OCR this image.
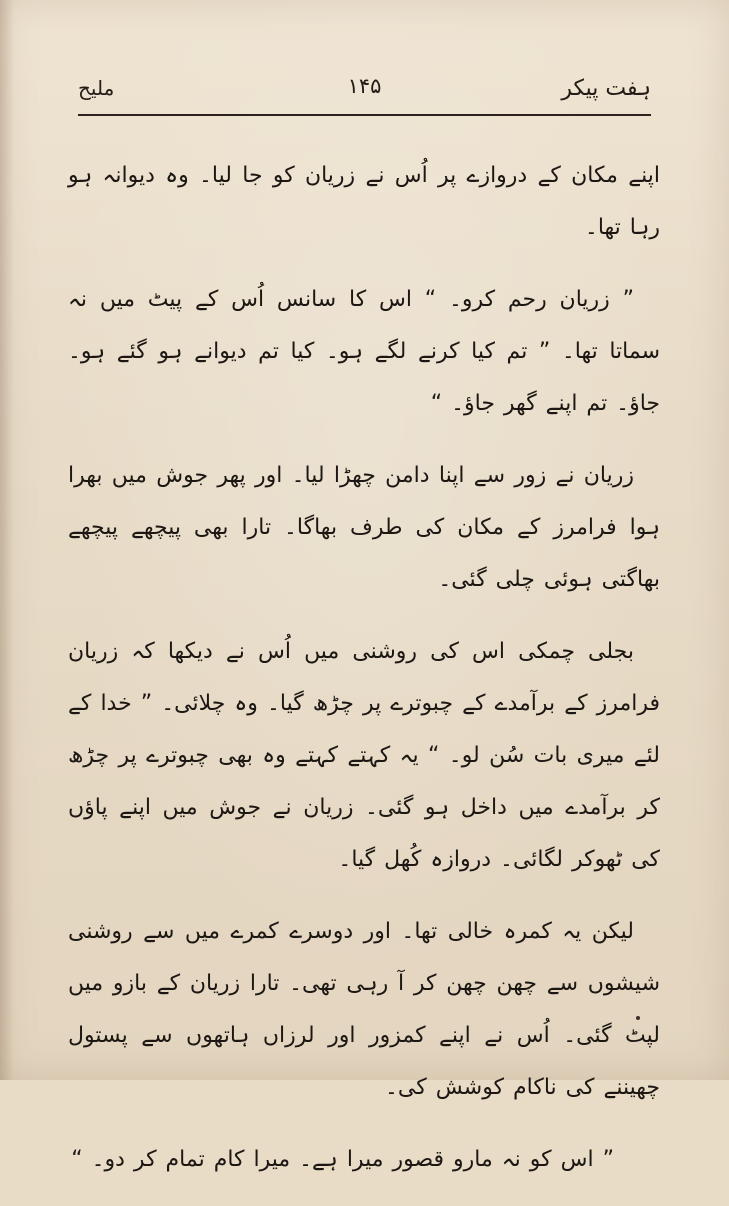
ہفت پیکر
۱۴۵
ملیح

اپنے مکان کے دروازے پر اُس نے زریان کو جا لیا۔ وہ دیوانہ ہو رہا تھا۔

” زریان رحم کرو۔ “ اس کا سانس اُس کے پیٹ میں نہ سماتا تھا۔ ” تم کیا کرنے لگے ہو۔ کیا تم دیوانے ہو گئے ہو۔ جاؤ۔ تم اپنے گھر جاؤ۔ “

زریان نے زور سے اپنا دامن چھڑا لیا۔ اور پھر جوش میں بھرا ہوا فرامرز کے مکان کی طرف بھاگا۔ تارا بھی پیچھے پیچھے بھاگتی ہوئی چلی گئی۔

بجلی چمکی اس کی روشنی میں اُس نے دیکھا کہ زریان فرامرز کے برآمدے کے چبوترے پر چڑھ گیا۔ وہ چلائی۔ ” خدا کے لئے میری بات سُن لو۔ “ یہ کہتے کہتے وہ بھی چبوترے پر چڑھ کر برآمدے میں داخل ہو گئی۔ زریان نے جوش میں اپنے پاؤں کی ٹھوکر لگائی۔ دروازہ کُھل گیا۔

لیکن یہ کمرہ خالی تھا۔ اور دوسرے کمرے میں سے روشنی شیشوں سے چھن چھن کر آ رہی تھی۔ تارا زریان کے بازو میں لپٹ گئی۔ اُس نے اپنے کمزور اور لرزاں ہاتھوں سے پستول چھیننے کی ناکام کوشش کی۔

” اس کو نہ مارو قصور میرا ہے۔ میرا کام تمام کر دو۔ “
